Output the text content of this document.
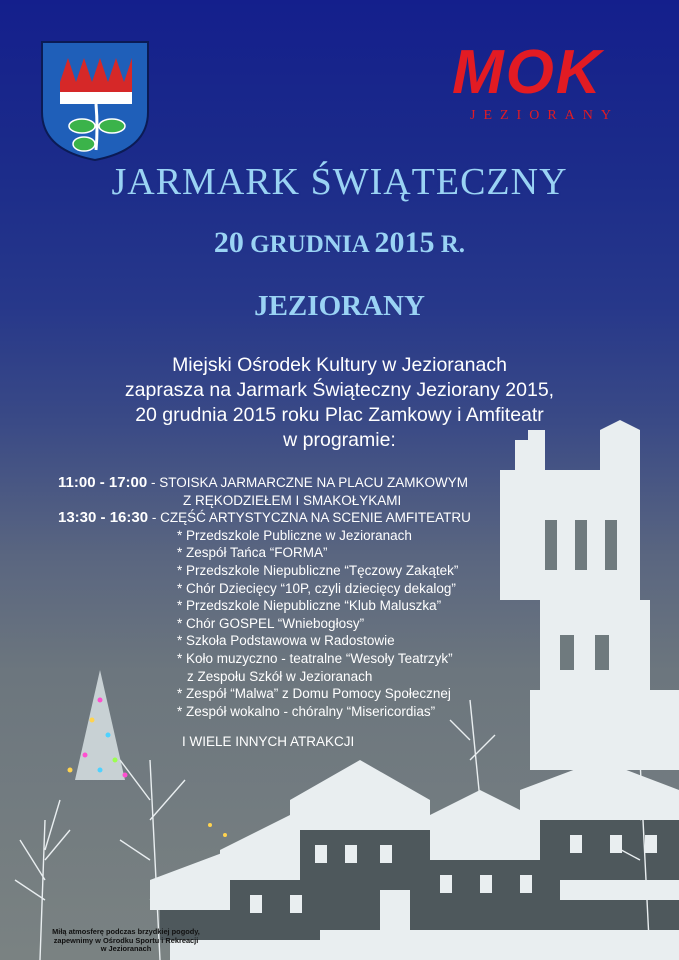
MOK
JEZIORANY
JARMARK ŚWIĄTECZNY
20 GRUDNIA 2015 R.
JEZIORANY
Miejski Ośrodek Kultury w Jezioranach
zaprasza na Jarmark Świąteczny Jeziorany 2015,
20 grudnia 2015 roku Plac Zamkowy i Amfiteatr
w programie:
11:00 - 17:00 - STOISKA JARMARCZNE NA PLACU ZAMKOWYM
Z RĘKODZIEŁEM I SMAKOŁYKAMI
13:30 - 16:30 - CZĘŚĆ ARTYSTYCZNA NA SCENIE AMFITEATRU
* Przedszkole Publiczne w Jezioranach
* Zespół Tańca “FORMA”
* Przedszkole Niepubliczne “Tęczowy Zakątek”
* Chór Dziecięcy “10P, czyli dziecięcy dekalog”
* Przedszkole Niepubliczne “Klub Maluszka”
* Chór GOSPEL “Wniebogłosy”
* Szkoła Podstawowa w Radostowie
* Koło muzyczno - teatralne “Wesoły Teatrzyk”
z Zespołu Szkół w Jezioranach
* Zespół “Malwa” z Domu Pomocy Społecznej
* Zespół wokalno - chóralny “Misericordias”
I WIELE INNYCH ATRAKCJI
Miłą atmosferę podczas brzydkiej pogody,
zapewnimy w Ośrodku Sportu i Rekreacji
w Jezioranach
